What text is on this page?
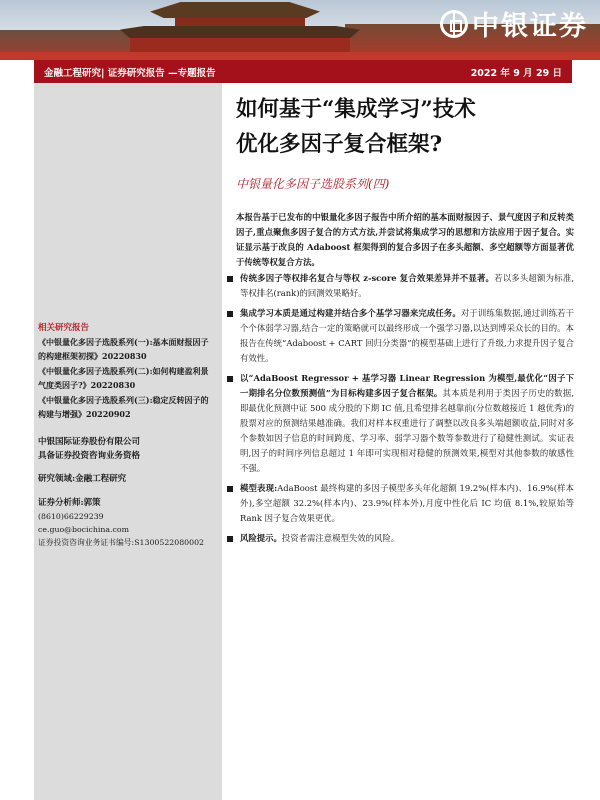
中银证券
金融工程研究| 证券研究报告 —专题报告	2022 年 9 月 29 日
相关研究报告
《中银量化多因子选股系列(一):基本面财报因子的构建框架初探》20220830
《中银量化多因子选股系列(二):如何构建盈利景气度类因子?》20220830
《中银量化多因子选股系列(三):稳定反转因子的构建与增强》20220902
中银国际证券股份有限公司
具备证券投资咨询业务资格
研究领域:金融工程研究
证券分析师:郭策
(8610)66229239
ce.guo@bocichina.com
证券投资咨询业务证书编号:S1300522080002
如何基于“集成学习”技术
优化多因子复合框架?
中银量化多因子选股系列(四)
本报告基于已发布的中银量化多因子报告中所介绍的基本面财报因子、景气度因子和反转类因子,重点聚焦多因子复合的方式方法,并尝试将集成学习的思想和方法应用于因子复合。实证显示基于改良的 Adaboost 框架得到的复合多因子在多头超额、多空超额等方面显著优于传统等权复合方法。
传统多因子等权排名复合与等权 z-score 复合效果差异并不显著。若以多头超额为标准,等权排名(rank)的回测效果略好。
集成学习本质是通过构建并结合多个基学习器来完成任务。对于训练集数据,通过训练若干个个体弱学习器,结合一定的策略就可以最终形成一个强学习器,以达到博采众长的目的。本报告在传统“Adaboost + CART 回归分类器”的模型基础上进行了升级,力求提升因子复合有效性。
以“AdaBoost Regressor + 基学习器 Linear Regression 为模型,最优化“因子下一期排名分位数预测值”为目标构建多因子复合框架。其本质是利用于类因子历史的数据,即最优化预测中证 500 成分股的下期 IC 值,且希望排名越靠前(分位数越接近 1 越优秀)的股票对应的预测结果越准确。我们对样本权重进行了调整以改良多头端超额收益,同时对多个参数如因子信息的时间跨度、学习率、弱学习器个数等参数进行了稳健性测试。实证表明,因子的时间序列信息超过 1 年即可实现相对稳健的预测效果,模型对其他参数的敏感性不强。
模型表现:AdaBoost 最终构建的多因子模型多头年化超额 19.2%(样本内)、16.9%(样本外),多空超额 32.2%(样本内)、23.9%(样本外),月度中性化后 IC 均值 8.1%,较原始等 Rank 因子复合效果更优。
风险提示。投资者需注意模型失效的风险。
